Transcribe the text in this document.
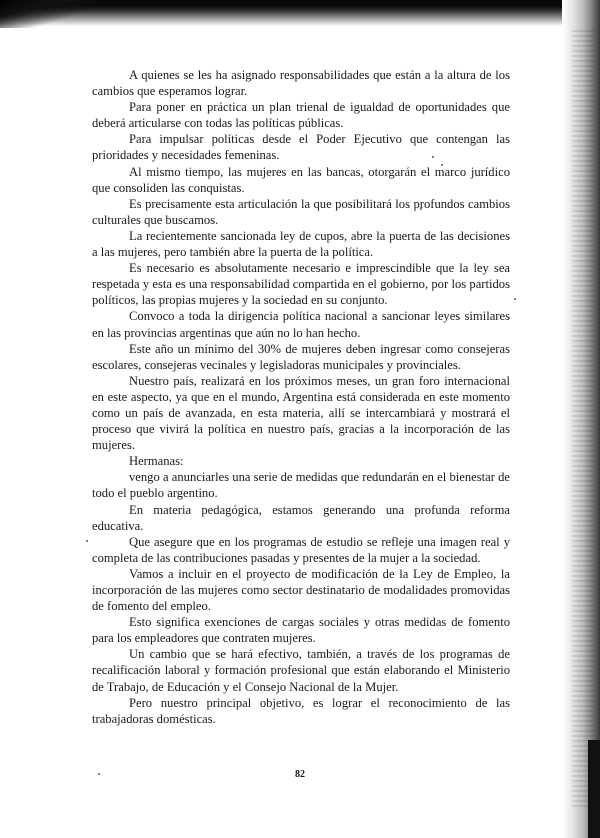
A quienes se les ha asignado responsabilidades que están a la altura de los cambios que esperamos lograr.

Para poner en práctica un plan trienal de igualdad de oportunidades que deberá articularse con todas las políticas públicas.

Para impulsar políticas desde el Poder Ejecutivo que contengan las prioridades y necesidades femeninas.

Al mismo tiempo, las mujeres en las bancas, otorgarán el marco jurídico que consoliden las conquistas.

Es precisamente esta articulación la que posibilitará los profundos cambios culturales que buscamos.

La recientemente sancionada ley de cupos, abre la puerta de las decisiones a las mujeres, pero también abre la puerta de la política.

Es necesario es absolutamente necesario e imprescindible que la ley sea respetada y esta es una responsabilidad compartida en el gobierno, por los partidos políticos, las propias mujeres y la sociedad en su conjunto.

Convoco a toda la dirigencia política nacional a sancionar leyes similares en las provincias argentinas que aún no lo han hecho.

Este año un mínimo del 30% de mujeres deben ingresar como consejeras escolares, consejeras vecinales y legisladoras municipales y provinciales.

Nuestro país, realizará en los próximos meses, un gran foro internacional en este aspecto, ya que en el mundo, Argentina está considerada en este momento como un país de avanzada, en esta materia, allí se intercambiará y mostrará el proceso que vivirá la política en nuestro país, gracias a la incorporación de las mujeres.

Hermanas:

vengo a anunciarles una serie de medidas que redundarán en el bienestar de todo el pueblo argentino.

En materia pedagógica, estamos generando una profunda reforma educativa.

Que asegure que en los programas de estudio se refleje una imagen real y completa de las contribuciones pasadas y presentes de la mujer a la sociedad.

Vamos a incluir en el proyecto de modificación de la Ley de Empleo, la incorporación de las mujeres como sector destinatario de modalidades promovidas de fomento del empleo.

Esto significa exenciones de cargas sociales y otras medidas de fomento para los empleadores que contraten mujeres.

Un cambio que se hará efectivo, también, a través de los programas de recalificación laboral y formación profesional que están elaborando el Ministerio de Trabajo, de Educación y el Consejo Nacional de la Mujer.

Pero nuestro principal objetivo, es lograr el reconocimiento de las trabajadoras domésticas.

82
